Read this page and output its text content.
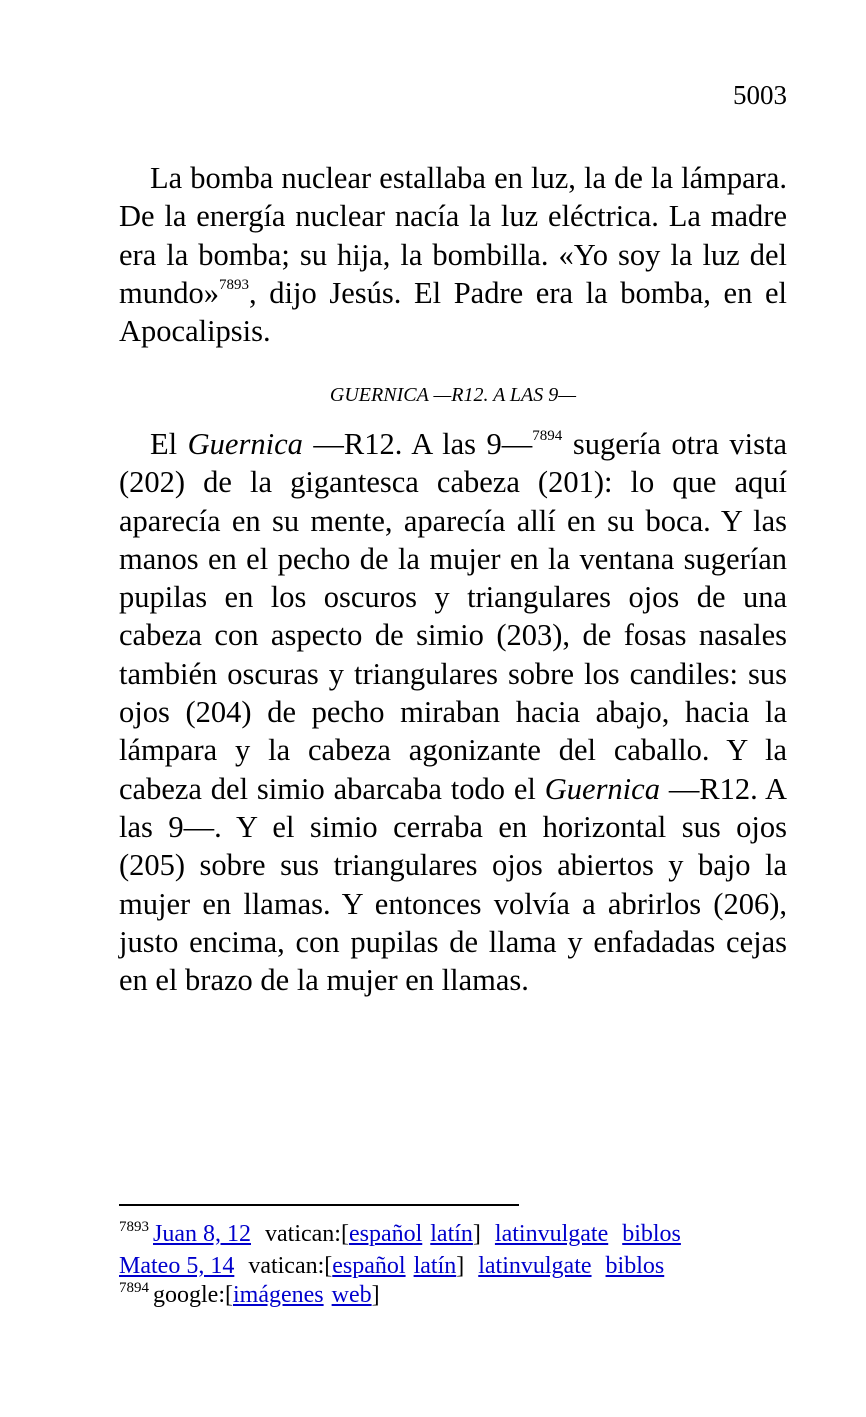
5003

La bomba nuclear estallaba en luz, la de la lámpara. De la energía nuclear nacía la luz eléctrica. La madre era la bomba; su hija, la bombilla. «Yo soy la luz del mundo»$^{7893}$, dijo Jesús. El Padre era la bomba, en el Apocalipsis.

GUERNICA —R12. A LAS 9—

El Guernica —R12. A las 9—$^{7894}$ sugería otra vista (202) de la gigantesca cabeza (201): lo que aquí aparecía en su mente, aparecía allí en su boca. Y las manos en el pecho de la mujer en la ventana sugerían pupilas en los oscuros y triangulares ojos de una cabeza con aspecto de simio (203), de fosas nasales también oscuras y triangulares sobre los candiles: sus ojos (204) de pecho miraban hacia abajo, hacia la lámpara y la cabeza agonizante del caballo. Y la cabeza del simio abarcaba todo el Guernica —R12. A las 9—. Y el simio cerraba en horizontal sus ojos (205) sobre sus triangulares ojos abiertos y bajo la mujer en llamas. Y entonces volvía a abrirlos (206), justo encima, con pupilas de llama y enfadadas cejas en el brazo de la mujer en llamas.

$^{7893}$ Juan 8, 12 vatican:[español latín] latinvulgate biblos
Mateo 5, 14 vatican:[español latín] latinvulgate biblos
$^{7894}$ google:[imágenes web]
